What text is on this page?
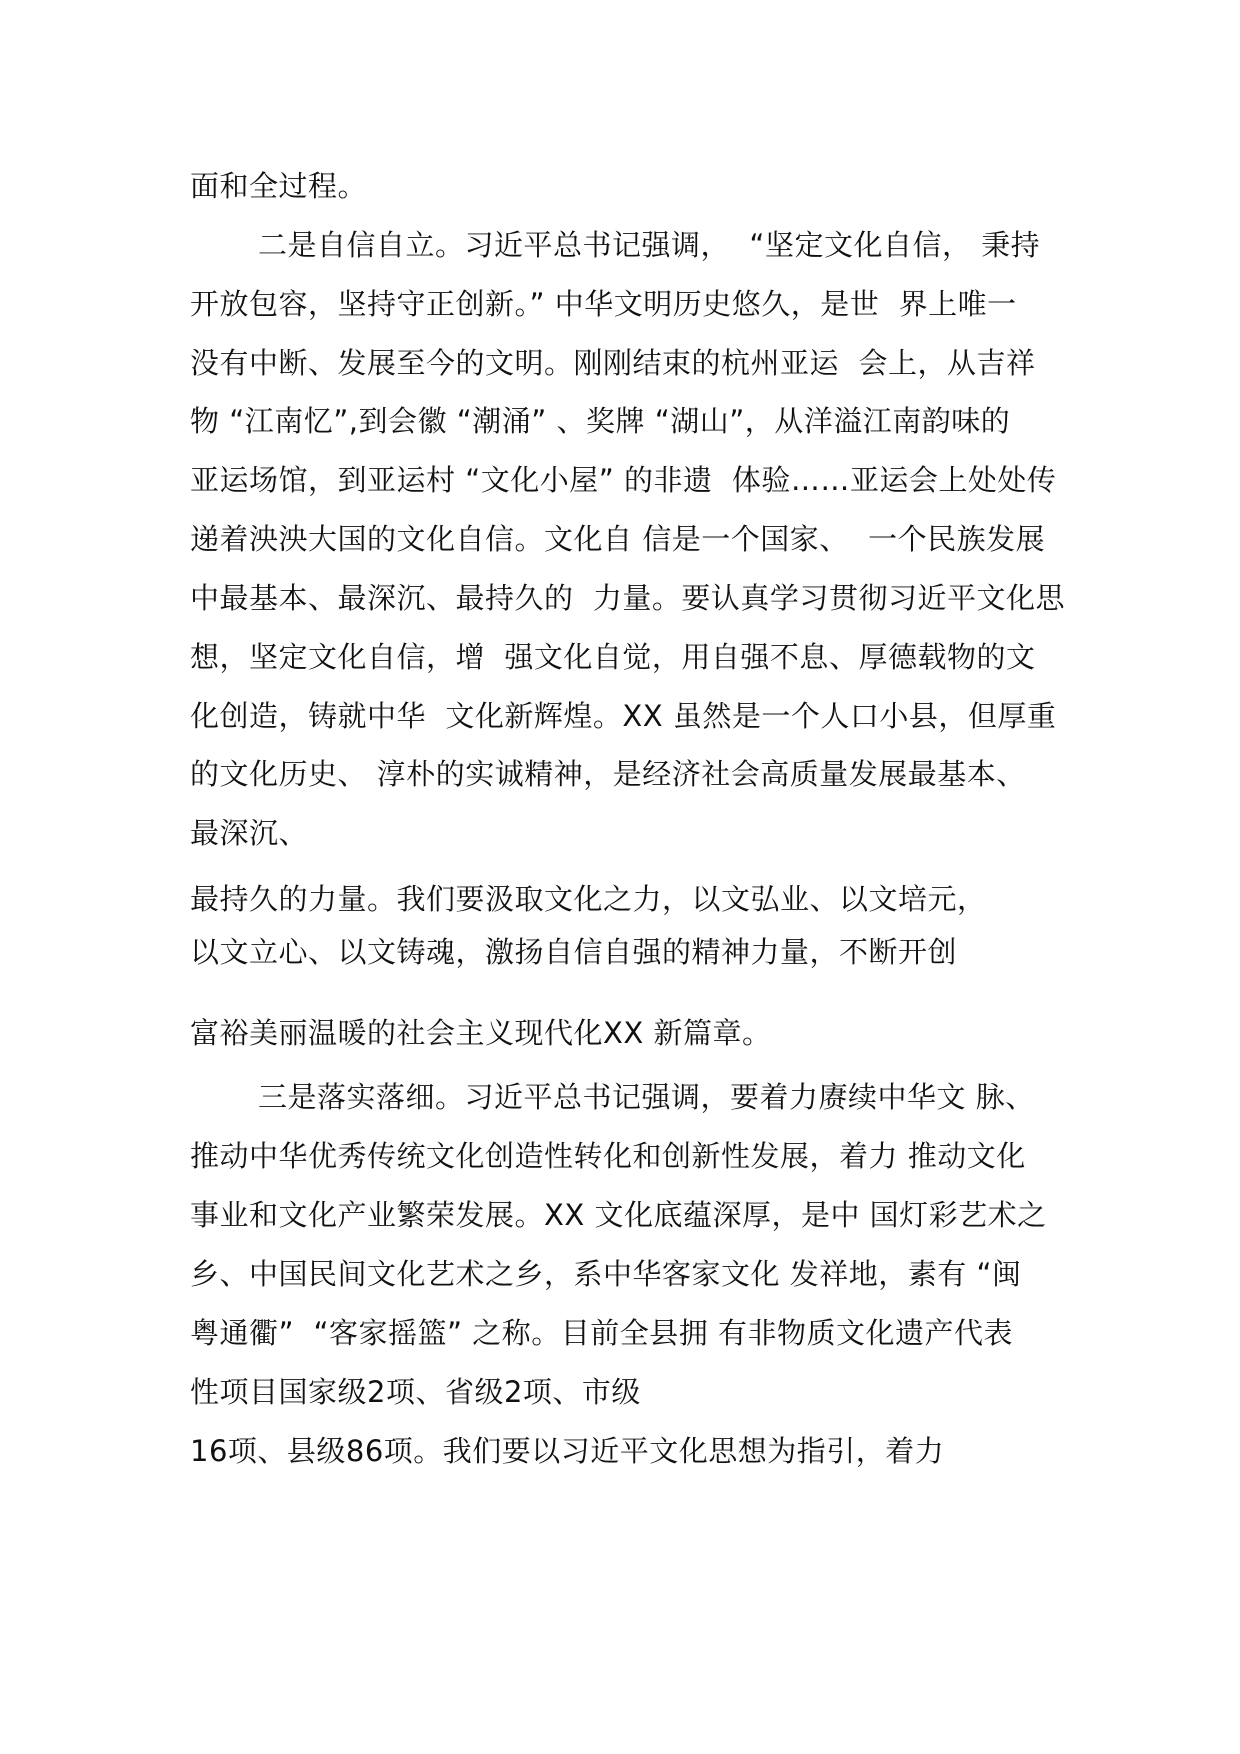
面和全过程。
二是自信自立。习近平总书记强调，  “坚定文化自信， 秉持
开放包容，坚持守正创新。” 中华文明历史悠久，是世  界上唯一
没有中断、发展至今的文明。刚刚结束的杭州亚运  会上，从吉祥
物 “江南忆”,到会徽 “潮涌” 、奖牌 “湖山”，从洋溢江南韵味的
亚运场馆，到亚运村 “文化小屋” 的非遗  体验……亚运会上处处传
递着泱泱大国的文化自信。文化自 信是一个国家、  一个民族发展
中最基本、最深沉、最持久的  力量。要认真学习贯彻习近平文化思
想，坚定文化自信，增  强文化自觉，用自强不息、厚德载物的文
化创造，铸就中华  文化新辉煌。XX 虽然是一个人口小县，但厚重
的文化历史、 淳朴的实诚精神，是经济社会高质量发展最基本、
最深沉、
最持久的力量。我们要汲取文化之力，以文弘业、以文培元，
以文立心、以文铸魂，激扬自信自强的精神力量，不断开创
富裕美丽温暖的社会主义现代化XX 新篇章。
三是落实落细。习近平总书记强调，要着力赓续中华文 脉、
推动中华优秀传统文化创造性转化和创新性发展，着力 推动文化
事业和文化产业繁荣发展。XX 文化底蕴深厚，是中 国灯彩艺术之
乡、中国民间文化艺术之乡，系中华客家文化 发祥地，素有 “闽
粤通衢”  “客家摇篮” 之称。目前全县拥 有非物质文化遗产代表
性项目国家级2项、省级2项、市级
16项、县级86项。我们要以习近平文化思想为指引，着力
